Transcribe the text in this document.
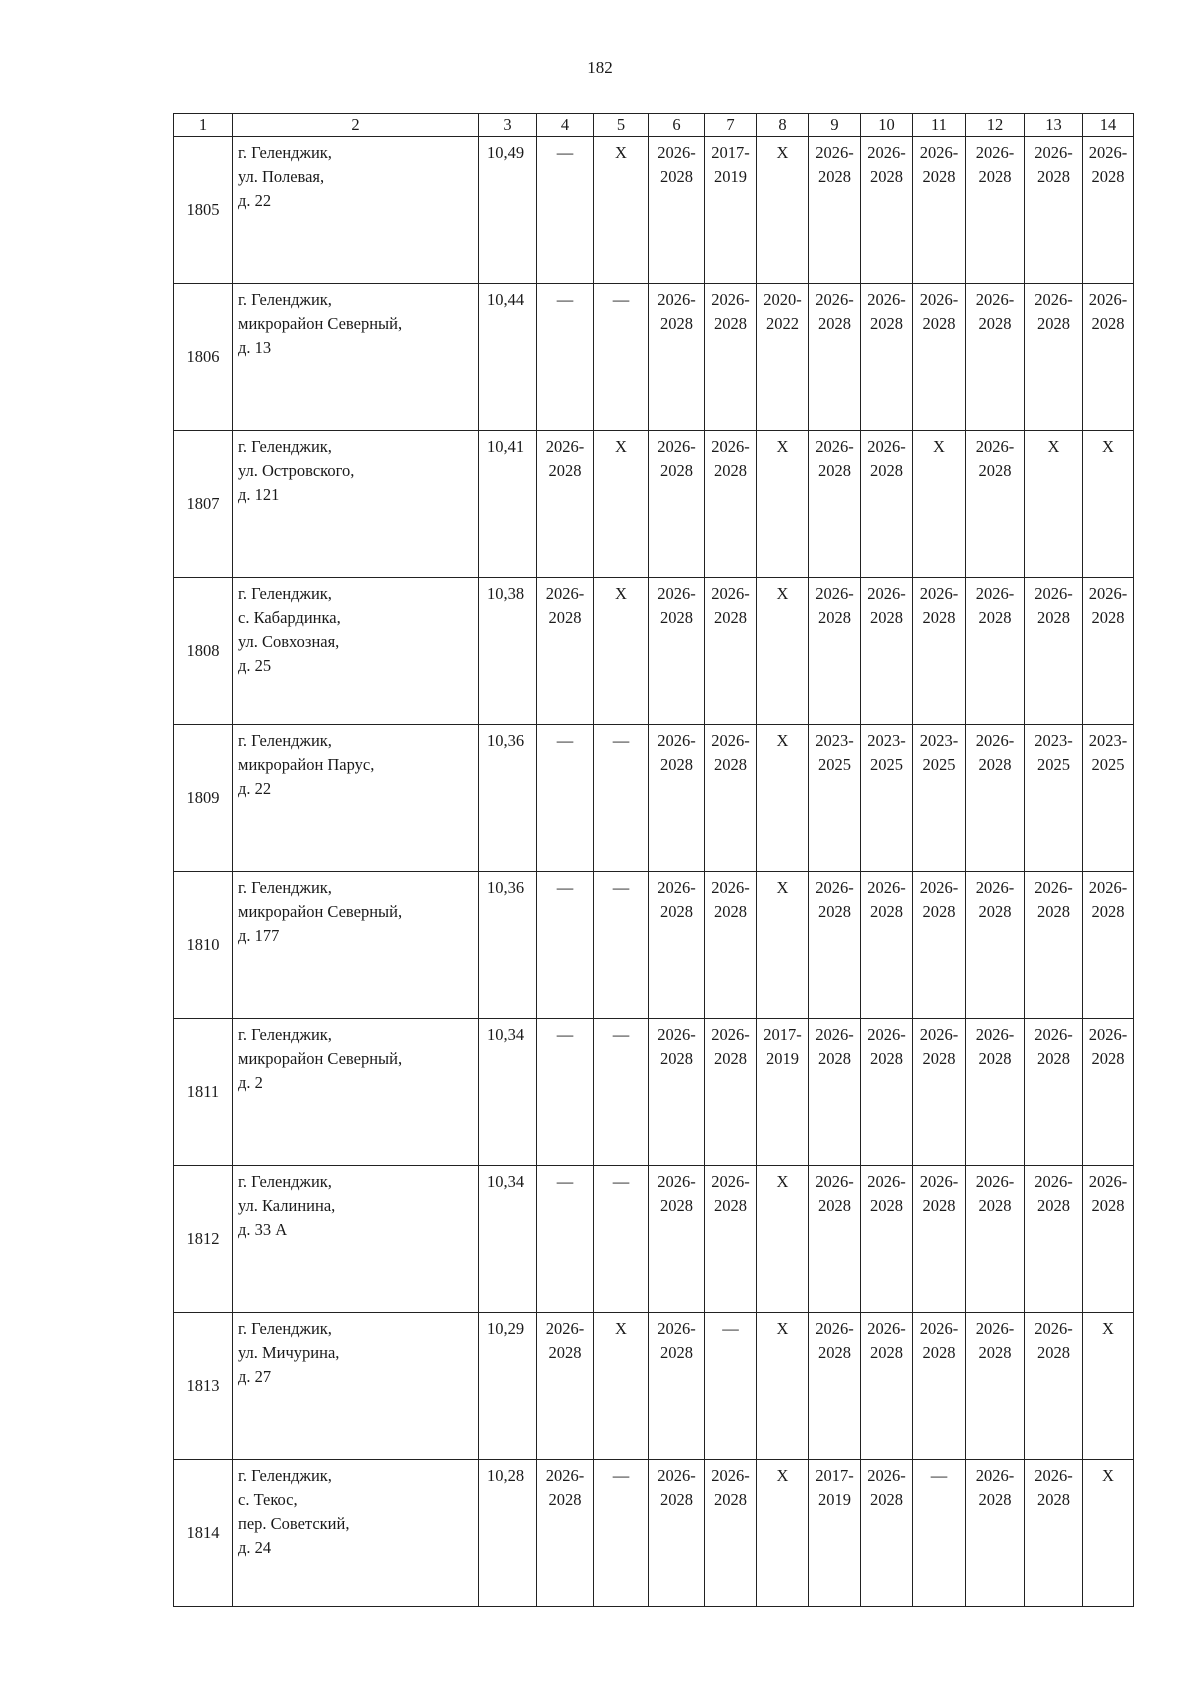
182
1	2	3	4	5	6	7	8	9	10	11	12	13	14
1805	г. Геленджик,
ул. Полевая,
д. 22	10,49	—	X	2026-
2028	2017-
2019	X	2026-
2028	2026-
2028	2026-
2028	2026-
2028	2026-
2028	2026-
2028

1806	г. Геленджик,
микрорайон Северный,
д. 13	10,44	—	—	2026-
2028	2026-
2028	2020-
2022	2026-
2028	2026-
2028	2026-
2028	2026-
2028	2026-
2028	2026-
2028

1807	г. Геленджик,
ул. Островского,
д. 121	10,41	2026-
2028	X	2026-
2028	2026-
2028	X	2026-
2028	2026-
2028	X	2026-
2028	X	X

1808	г. Геленджик,
с. Кабардинка,
ул. Совхозная,
д. 25	10,38	2026-
2028	X	2026-
2028	2026-
2028	X	2026-
2028	2026-
2028	2026-
2028	2026-
2028	2026-
2028	2026-
2028

1809	г. Геленджик,
микрорайон Парус,
д. 22	10,36	—	—	2026-
2028	2026-
2028	X	2023-
2025	2023-
2025	2023-
2025	2026-
2028	2023-
2025	2023-
2025

1810	г. Геленджик,
микрорайон Северный,
д. 177	10,36	—	—	2026-
2028	2026-
2028	X	2026-
2028	2026-
2028	2026-
2028	2026-
2028	2026-
2028	2026-
2028

1811	г. Геленджик,
микрорайон Северный,
д. 2	10,34	—	—	2026-
2028	2026-
2028	2017-
2019	2026-
2028	2026-
2028	2026-
2028	2026-
2028	2026-
2028	2026-
2028

1812	г. Геленджик,
ул. Калинина,
д. 33 А	10,34	—	—	2026-
2028	2026-
2028	X	2026-
2028	2026-
2028	2026-
2028	2026-
2028	2026-
2028	2026-
2028

1813	г. Геленджик,
ул. Мичурина,
д. 27	10,29	2026-
2028	X	2026-
2028	—	X	2026-
2028	2026-
2028	2026-
2028	2026-
2028	2026-
2028	X

1814	г. Геленджик,
с. Текос,
пер. Советский,
д. 24	10,28	2026-
2028	—	2026-
2028	2026-
2028	X	2017-
2019	2026-
2028	—	2026-
2028	2026-
2028	X
